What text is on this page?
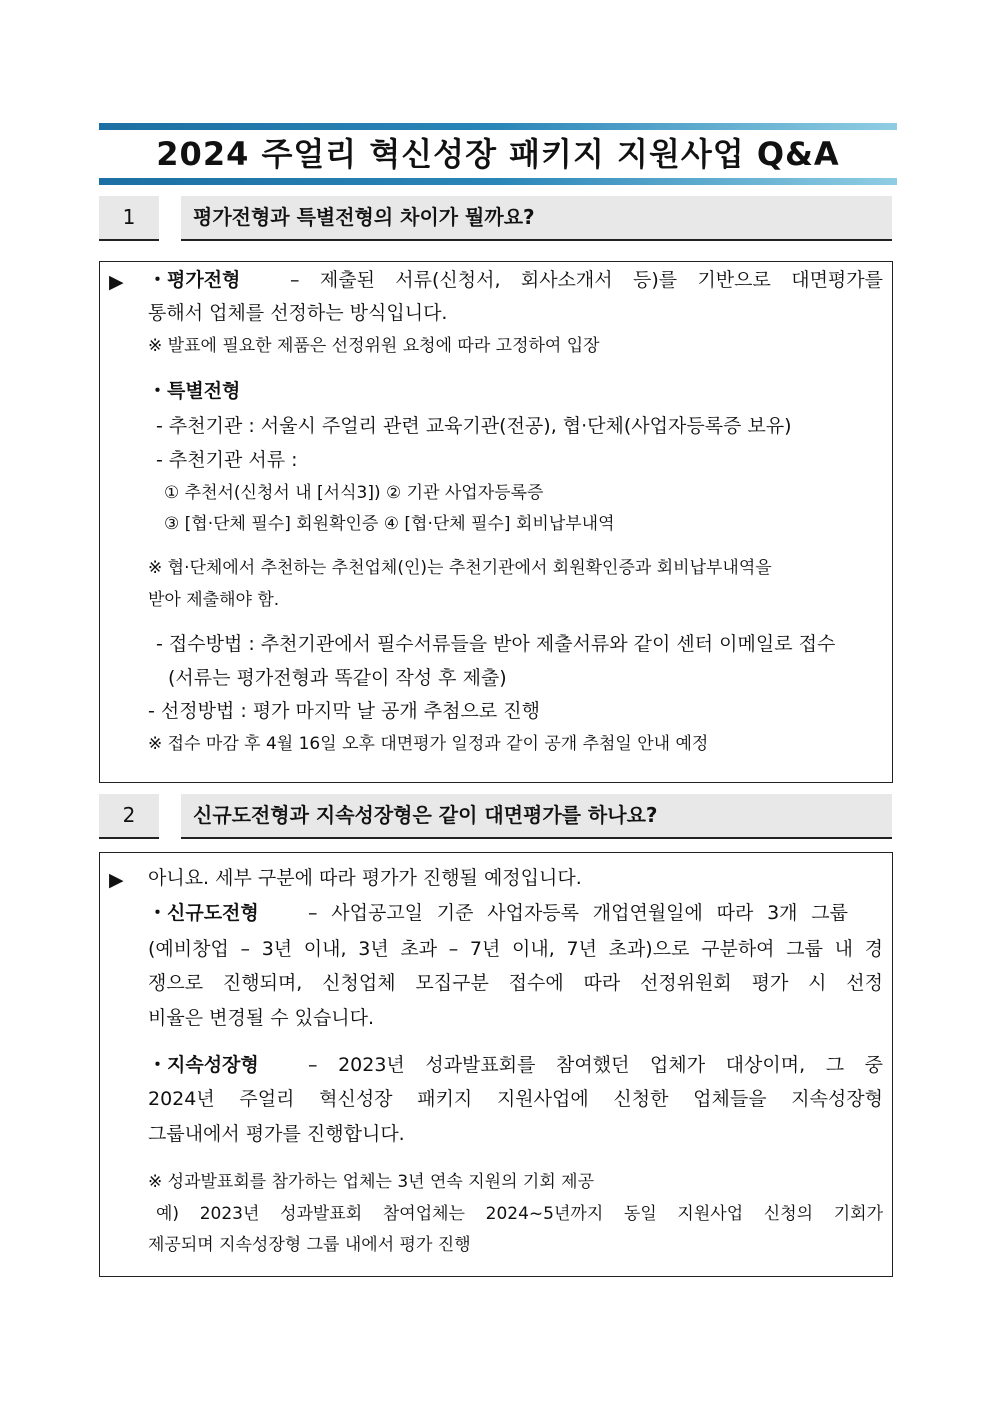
2024 주얼리 혁신성장 패키지 지원사업 Q&A
1	평가전형과 특별전형의 차이가 뭘까요?
▶ ・평가전형	– 제출된 서류(신청서, 회사소개서 등)를 기반으로 대면평가를
통해서 업체를 선정하는 방식입니다.
※ 발표에 필요한 제품은 선정위원 요청에 따라 고정하여 입장
・특별전형
- 추천기관 : 서울시 주얼리 관련 교육기관(전공), 협·단체(사업자등록증 보유)
- 추천기관 서류 :
① 추천서(신청서 내 [서식3]) ② 기관 사업자등록증
③ [협·단체 필수] 회원확인증 ④ [협·단체 필수] 회비납부내역
※ 협·단체에서 추천하는 추천업체(인)는 추천기관에서 회원확인증과 회비납부내역을
받아 제출해야 함.
- 접수방법 : 추천기관에서 필수서류들을 받아 제출서류와 같이 센터 이메일로 접수
(서류는 평가전형과 똑같이 작성 후 제출)
- 선정방법 : 평가 마지막 날 공개 추첨으로 진행
※ 접수 마감 후 4월 16일 오후 대면평가 일정과 같이 공개 추첨일 안내 예정
2	신규도전형과 지속성장형은 같이 대면평가를 하나요?
▶ 아니요. 세부 구분에 따라 평가가 진행될 예정입니다.
・신규도전형	– 사업공고일 기준 사업자등록 개업연월일에 따라 3개 그룹
(예비창업 – 3년 이내, 3년 초과 – 7년 이내, 7년 초과)으로 구분하여 그룹 내 경
쟁으로 진행되며, 신청업체 모집구분 접수에 따라 선정위원회 평가 시 선정
비율은 변경될 수 있습니다.
・지속성장형	– 2023년 성과발표회를 참여했던 업체가 대상이며, 그 중
2024년 주얼리 혁신성장 패키지 지원사업에 신청한 업체들을 지속성장형
그룹내에서 평가를 진행합니다.
※ 성과발표회를 참가하는 업체는 3년 연속 지원의 기회 제공
예) 2023년 성과발표회 참여업체는 2024~5년까지 동일 지원사업 신청의 기회가
제공되며 지속성장형 그룹 내에서 평가 진행
